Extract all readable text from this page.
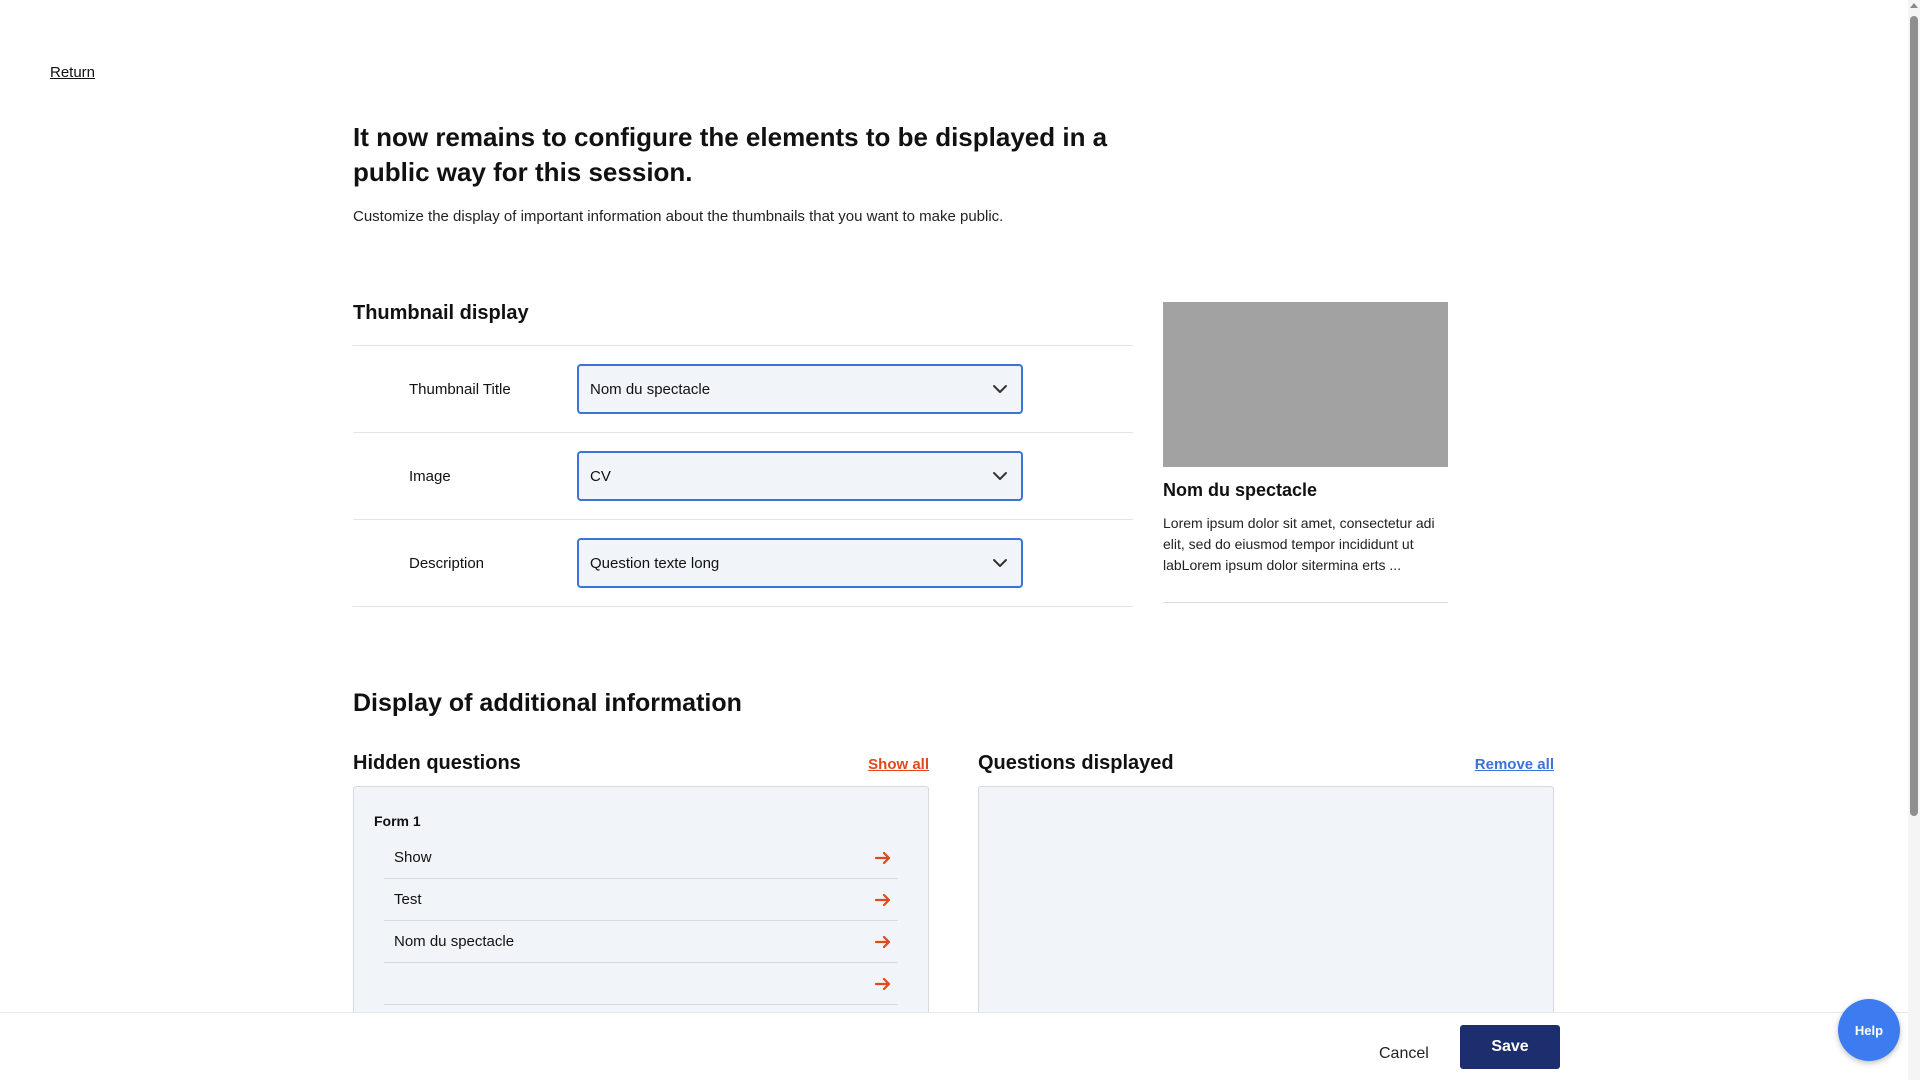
Return
It now remains to configure the elements to be displayed in a public way for this session.

Customize the display of important information about the thumbnails that you want to make public.

Thumbnail display
Thumbnail Title	Nom du spectacle
Image	CV
Description	Question texte long
Nom du spectacle

Lorem ipsum dolor sit amet, consectetur adi elit, sed do eiusmod tempor incididunt ut labLorem ipsum dolor sitermina erts ...

Display of additional information
Hidden questions	Show all
Form 1
Show
Test
Nom du spectacle
Questions displayed	Remove all
Cancel	Save
Help
